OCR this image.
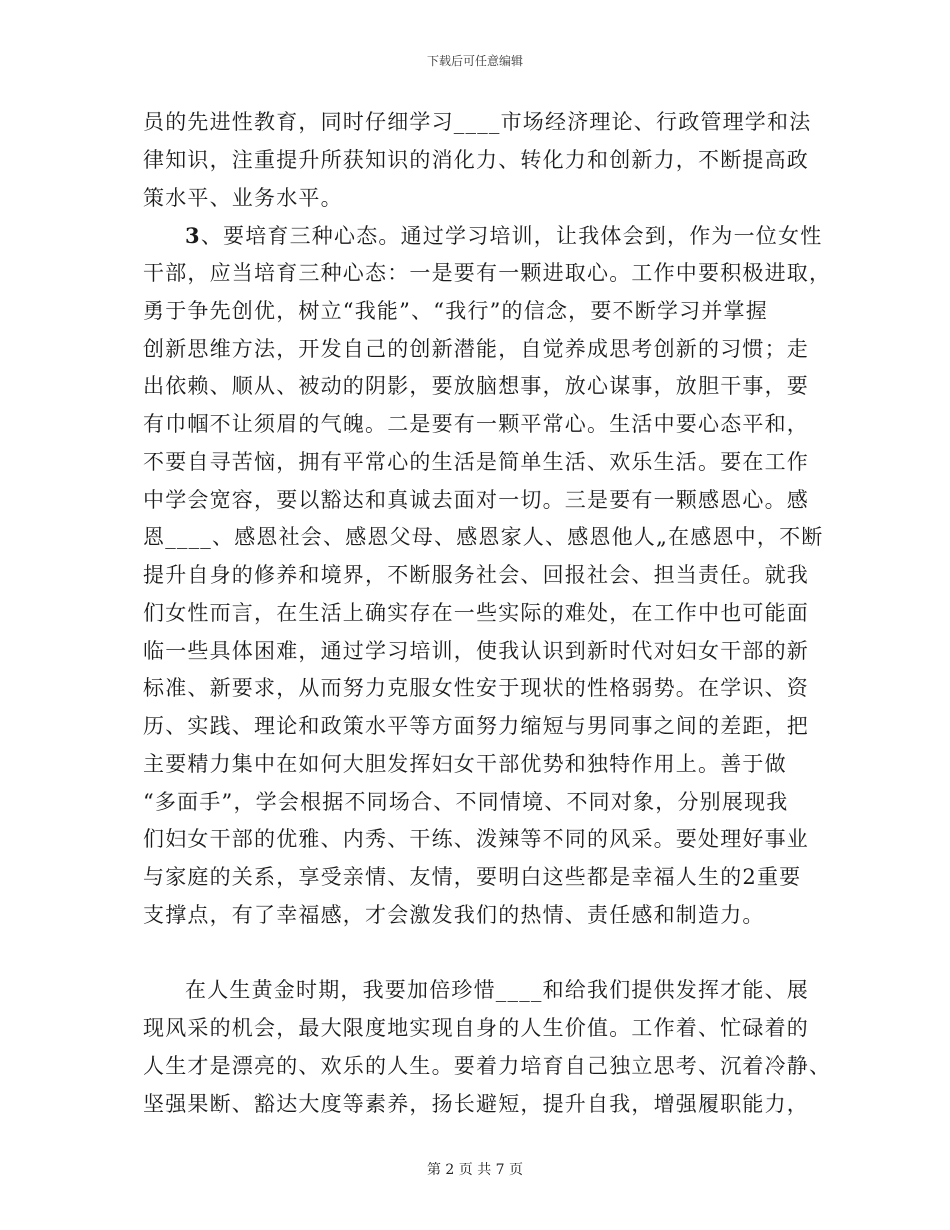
下载后可任意编辑
员的先进性教育，同时仔细学习____市场经济理论、行政管理学和法
律知识，注重提升所获知识的消化力、转化力和创新力，不断提高政
策水平、业务水平。
3、要培育三种心态。通过学习培训，让我体会到，作为一位女性
干部，应当培育三种心态：一是要有一颗进取心。工作中要积极进取，
勇于争先创优，树立“我能”、“我行”的信念，要不断学习并掌握
创新思维方法，开发自己的创新潜能，自觉养成思考创新的习惯；走
出依赖、顺从、被动的阴影，要放脑想事，放心谋事，放胆干事，要
有巾帼不让须眉的气魄。二是要有一颗平常心。生活中要心态平和，
不要自寻苦恼，拥有平常心的生活是简单生活、欢乐生活。要在工作
中学会宽容，要以豁达和真诚去面对一切。三是要有一颗感恩心。感
恩____、感恩社会、感恩父母、感恩家人、感恩他人„在感恩中，不断
提升自身的修养和境界，不断服务社会、回报社会、担当责任。就我
们女性而言，在生活上确实存在一些实际的难处，在工作中也可能面
临一些具体困难，通过学习培训，使我认识到新时代对妇女干部的新
标准、新要求，从而努力克服女性安于现状的性格弱势。在学识、资
历、实践、理论和政策水平等方面努力缩短与男同事之间的差距，把
主要精力集中在如何大胆发挥妇女干部优势和独特作用上。善于做
“多面手”，学会根据不同场合、不同情境、不同对象，分别展现我
们妇女干部的优雅、内秀、干练、泼辣等不同的风采。要处理好事业
与家庭的关系，享受亲情、友情，要明白这些都是幸福人生的2重要
支撑点，有了幸福感，才会激发我们的热情、责任感和制造力。
在人生黄金时期，我要加倍珍惜____和给我们提供发挥才能、展
现风采的机会，最大限度地实现自身的人生价值。工作着、忙碌着的
人生才是漂亮的、欢乐的人生。要着力培育自己独立思考、沉着冷静、
坚强果断、豁达大度等素养，扬长避短，提升自我，增强履职能力，
第 2 页 共 7 页
